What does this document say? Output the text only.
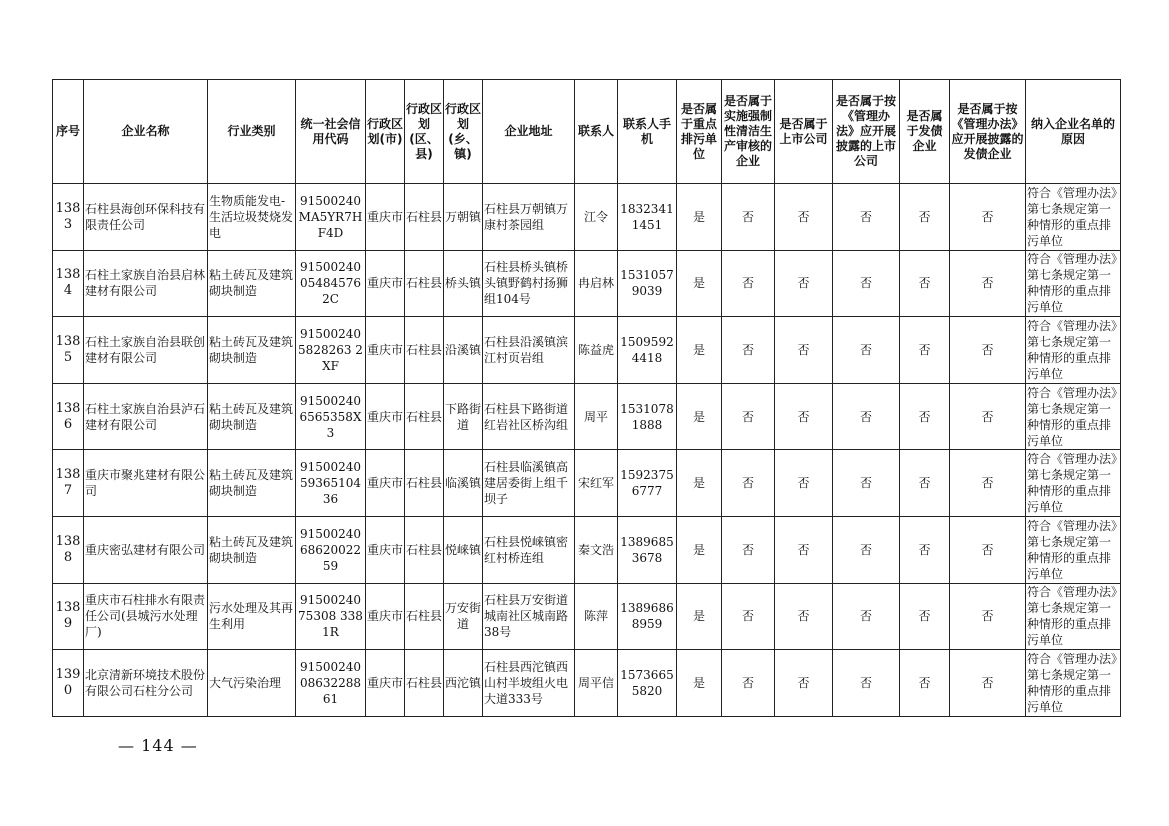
序号	企业名称	行业类别	统一社会信用代码	行政区划(市)	行政区划(区、县)	行政区划(乡、镇)	企业地址	联系人	联系人手机	是否属于重点排污单位	是否属于实施强制性清洁生产审核的企业	是否属于上市公司	是否属于按《管理办法》应开展披露的上市公司	是否属于发债企业	是否属于按《管理办法》应开展披露的发债企业	纳入企业名单的原因
1383	石柱县海创环保科技有限责任公司	生物质能发电-生活垃圾焚烧发电	91500240MA5YR7HF4D	重庆市	石柱县	万朝镇	石柱县万朝镇万康村茶园组	江令	18323411451	是	否	否	否	否	否	符合《管理办法》第七条规定第一种情形的重点排污单位
1384	石柱土家族自治县启林建材有限公司	粘土砖瓦及建筑砌块制造	91500240054845762C	重庆市	石柱县	桥头镇	石柱县桥头镇桥头镇野鹤村扬狮组104号	冉启林	15310579039	是	否	否	否	否	否	符合《管理办法》第七条规定第一种情形的重点排污单位
1385	石柱土家族自治县联创建材有限公司	粘土砖瓦及建筑砌块制造	915002405828263 2XF	重庆市	石柱县	沿溪镇	石柱县沿溪镇滨江村页岩组	陈益虎	15095924418	是	否	否	否	否	否	符合《管理办法》第七条规定第一种情形的重点排污单位
1386	石柱土家族自治县泸石建材有限公司	粘土砖瓦及建筑砌块制造	915002406565358X3	重庆市	石柱县	下路街道	石柱县下路街道红岩社区桥沟组	周平	15310781888	是	否	否	否	否	否	符合《管理办法》第七条规定第一种情形的重点排污单位
1387	重庆市聚兆建材有限公司	粘土砖瓦及建筑砌块制造	915002405936510436	重庆市	石柱县	临溪镇	石柱县临溪镇高建居委街上组千坝子	宋红军	15923756777	是	否	否	否	否	否	符合《管理办法》第七条规定第一种情形的重点排污单位
1388	重庆密弘建材有限公司	粘土砖瓦及建筑砌块制造	915002406862002259	重庆市	石柱县	悦崃镇	石柱县悦崃镇密红村桥连组	秦文浩	13896853678	是	否	否	否	否	否	符合《管理办法》第七条规定第一种情形的重点排污单位
1389	重庆市石柱排水有限责任公司(县城污水处理厂)	污水处理及其再生利用	9150024075308 3381R	重庆市	石柱县	万安街道	石柱县万安街道城南社区城南路38号	陈萍	13896868959	是	否	否	否	否	否	符合《管理办法》第七条规定第一种情形的重点排污单位
1390	北京清新环境技术股份有限公司石柱分公司	大气污染治理	915002400863228861	重庆市	石柱县	西沱镇	石柱县西沱镇西山村半坡组火电大道333号	周平信	15736655820	是	否	否	否	否	否	符合《管理办法》第七条规定第一种情形的重点排污单位
— 144 —
